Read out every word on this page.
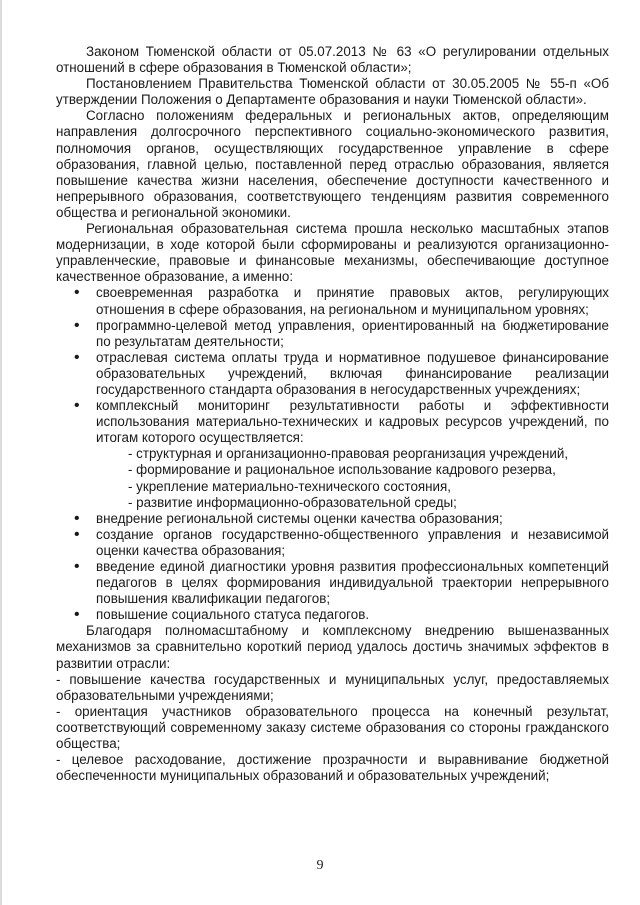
Законом Тюменской области от 05.07.2013 № 63 «О регулировании отдельных отношений в сфере образования в Тюменской области»;

Постановлением Правительства Тюменской области от 30.05.2005 № 55-п «Об утверждении Положения о Департаменте образования и науки Тюменской области».

Согласно положениям федеральных и региональных актов, определяющим направления долгосрочного перспективного социально-экономического развития, полномочия органов, осуществляющих государственное управление в сфере образования, главной целью, поставленной перед отраслью образования, является повышение качества жизни населения, обеспечение доступности качественного и непрерывного образования, соответствующего тенденциям развития современного общества и региональной экономики.

Региональная образовательная система прошла несколько масштабных этапов модернизации, в ходе которой были сформированы и реализуются организационно-управленческие, правовые и финансовые механизмы, обеспечивающие доступное качественное образование, а именно:

• своевременная разработка и принятие правовых актов, регулирующих отношения в сфере образования, на региональном и муниципальном уровнях;
• программно-целевой метод управления, ориентированный на бюджетирование по результатам деятельности;
• отраслевая система оплаты труда и нормативное подушевое финансирование образовательных учреждений, включая финансирование реализации государственного стандарта образования в негосударственных учреждениях;
• комплексный мониторинг результативности работы и эффективности использования материально-технических и кадровых ресурсов учреждений, по итогам которого осуществляется:
- структурная и организационно-правовая реорганизация учреждений,
- формирование и рациональное использование кадрового резерва,
- укрепление материально-технического состояния,
- развитие информационно-образовательной среды;
• внедрение региональной системы оценки качества образования;
• создание органов государственно-общественного управления и независимой оценки качества образования;
• введение единой диагностики уровня развития профессиональных компетенций педагогов в целях формирования индивидуальной траектории непрерывного повышения квалификации педагогов;
• повышение социального статуса педагогов.

Благодаря полномасштабному и комплексному внедрению вышеназванных механизмов за сравнительно короткий период удалось достичь значимых эффектов в развитии отрасли:

- повышение качества государственных и муниципальных услуг, предоставляемых образовательными учреждениями;

- ориентация участников образовательного процесса на конечный результат, соответствующий современному заказу системе образования со стороны гражданского общества;

- целевое расходование, достижение прозрачности и выравнивание бюджетной обеспеченности муниципальных образований и образовательных учреждений;

9
